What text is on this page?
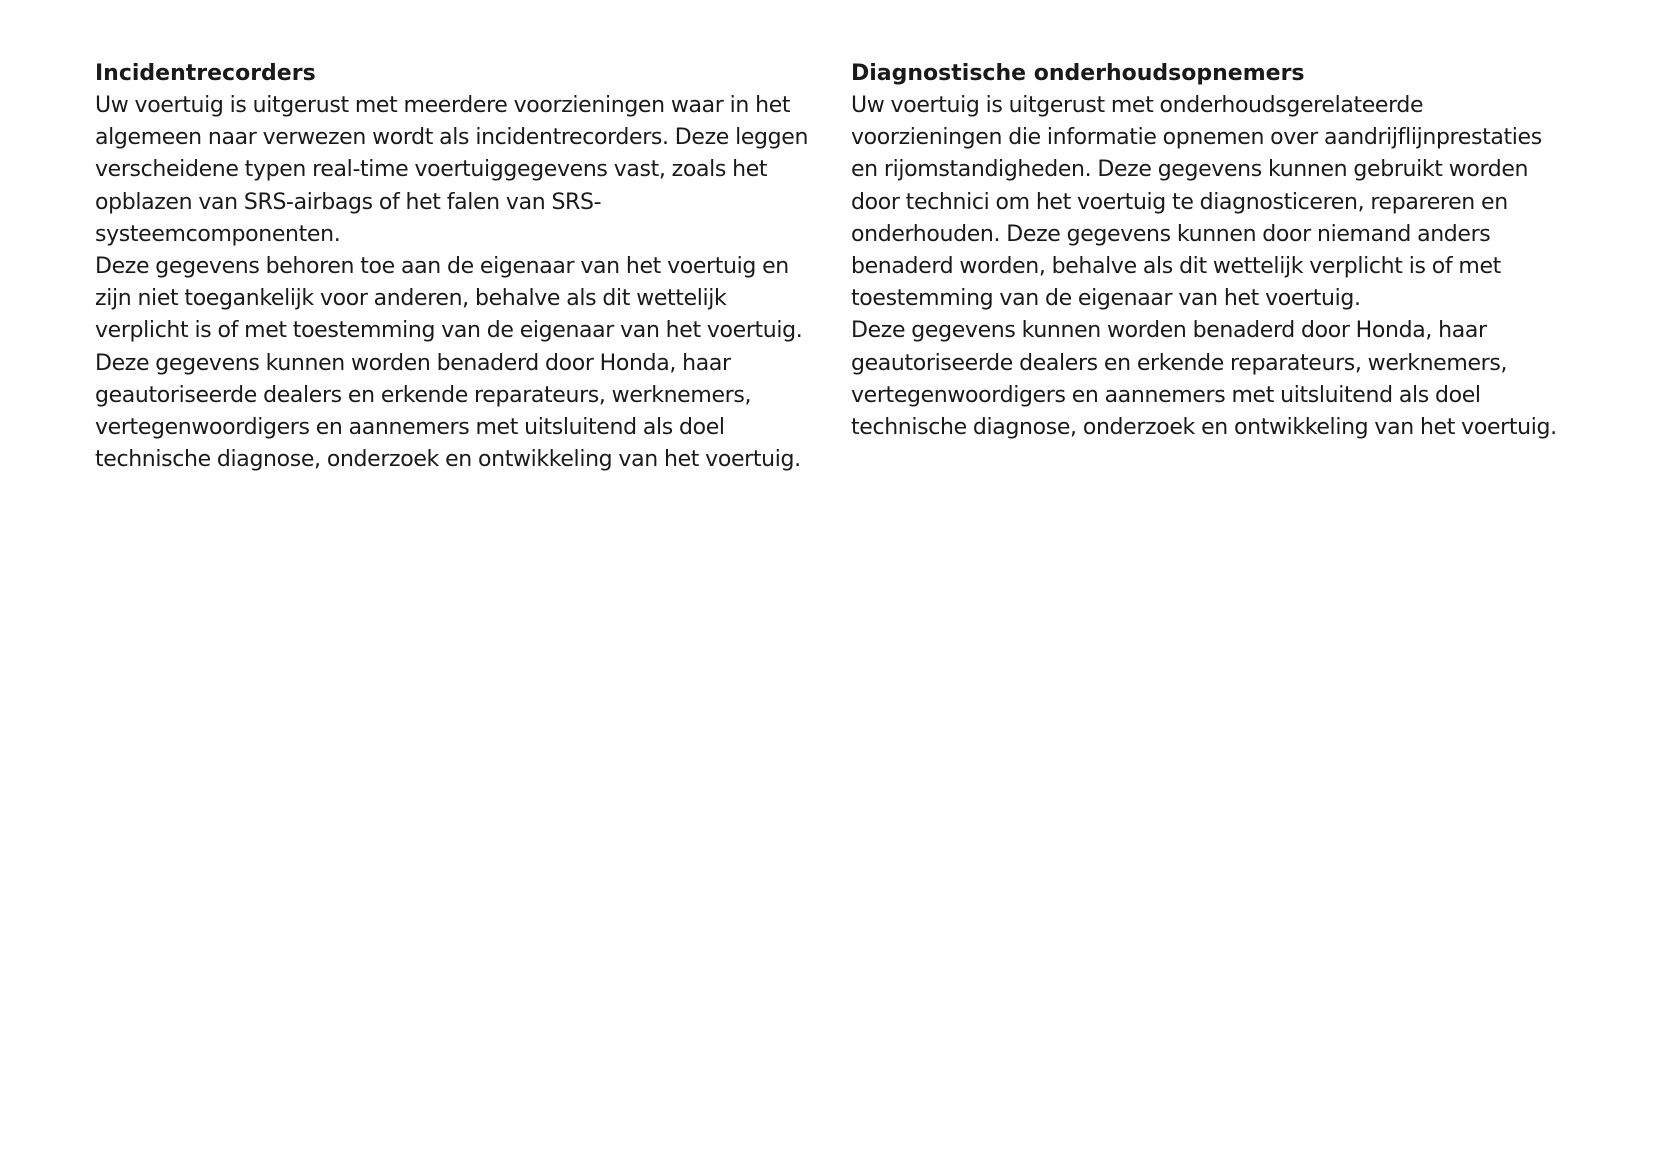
Incidentrecorders

Uw voertuig is uitgerust met meerdere voorzieningen waar in het
algemeen naar verwezen wordt als incidentrecorders. Deze leggen
verscheidene typen real-time voertuiggegevens vast, zoals het
opblazen van SRS-airbags of het falen van SRS-
systeemcomponenten.

Deze gegevens behoren toe aan de eigenaar van het voertuig en
zijn niet toegankelijk voor anderen, behalve als dit wettelijk
verplicht is of met toestemming van de eigenaar van het voertuig.

Deze gegevens kunnen worden benaderd door Honda, haar
geautoriseerde dealers en erkende reparateurs, werknemers,
vertegenwoordigers en aannemers met uitsluitend als doel
technische diagnose, onderzoek en ontwikkeling van het voertuig.

Diagnostische onderhoudsopnemers

Uw voertuig is uitgerust met onderhoudsgerelateerde
voorzieningen die informatie opnemen over aandrijflijnprestaties
en rijomstandigheden. Deze gegevens kunnen gebruikt worden
door technici om het voertuig te diagnosticeren, repareren en
onderhouden. Deze gegevens kunnen door niemand anders
benaderd worden, behalve als dit wettelijk verplicht is of met
toestemming van de eigenaar van het voertuig.

Deze gegevens kunnen worden benaderd door Honda, haar
geautoriseerde dealers en erkende reparateurs, werknemers,
vertegenwoordigers en aannemers met uitsluitend als doel
technische diagnose, onderzoek en ontwikkeling van het voertuig.
